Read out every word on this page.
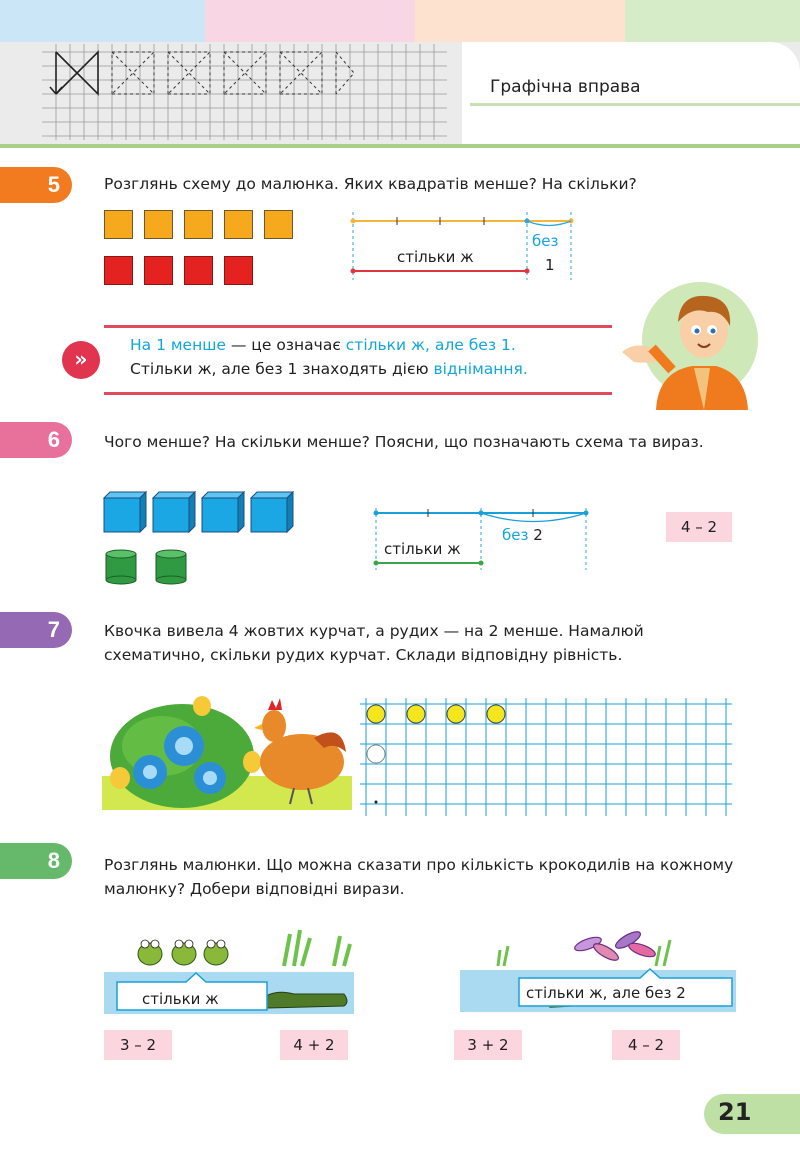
Графічна вправа
5	Розглянь схему до малюнка. Яких квадратів менше? На скільки?
стільки ж
без
1
»
На 1 менше — це означає стільки ж, але без 1.
Стільки ж, але без 1 знаходять дією віднімання.
6	Чого менше? На скільки менше? Поясни, що позначають схема та вираз.
стільки ж
без 2	4 – 2
7	Квочка вивела 4 жовтих курчат, а рудих — на 2 менше. Намалюй схематично, скільки рудих курчат. Склади відповідну рівність.
8	Розглянь малюнки. Що можна сказати про кількість крокодилів на кожному малюнку? Добери відповідні вирази.
стільки ж	стільки ж, але без 2
3 – 2	4 + 2	3 + 2	4 – 2
21
